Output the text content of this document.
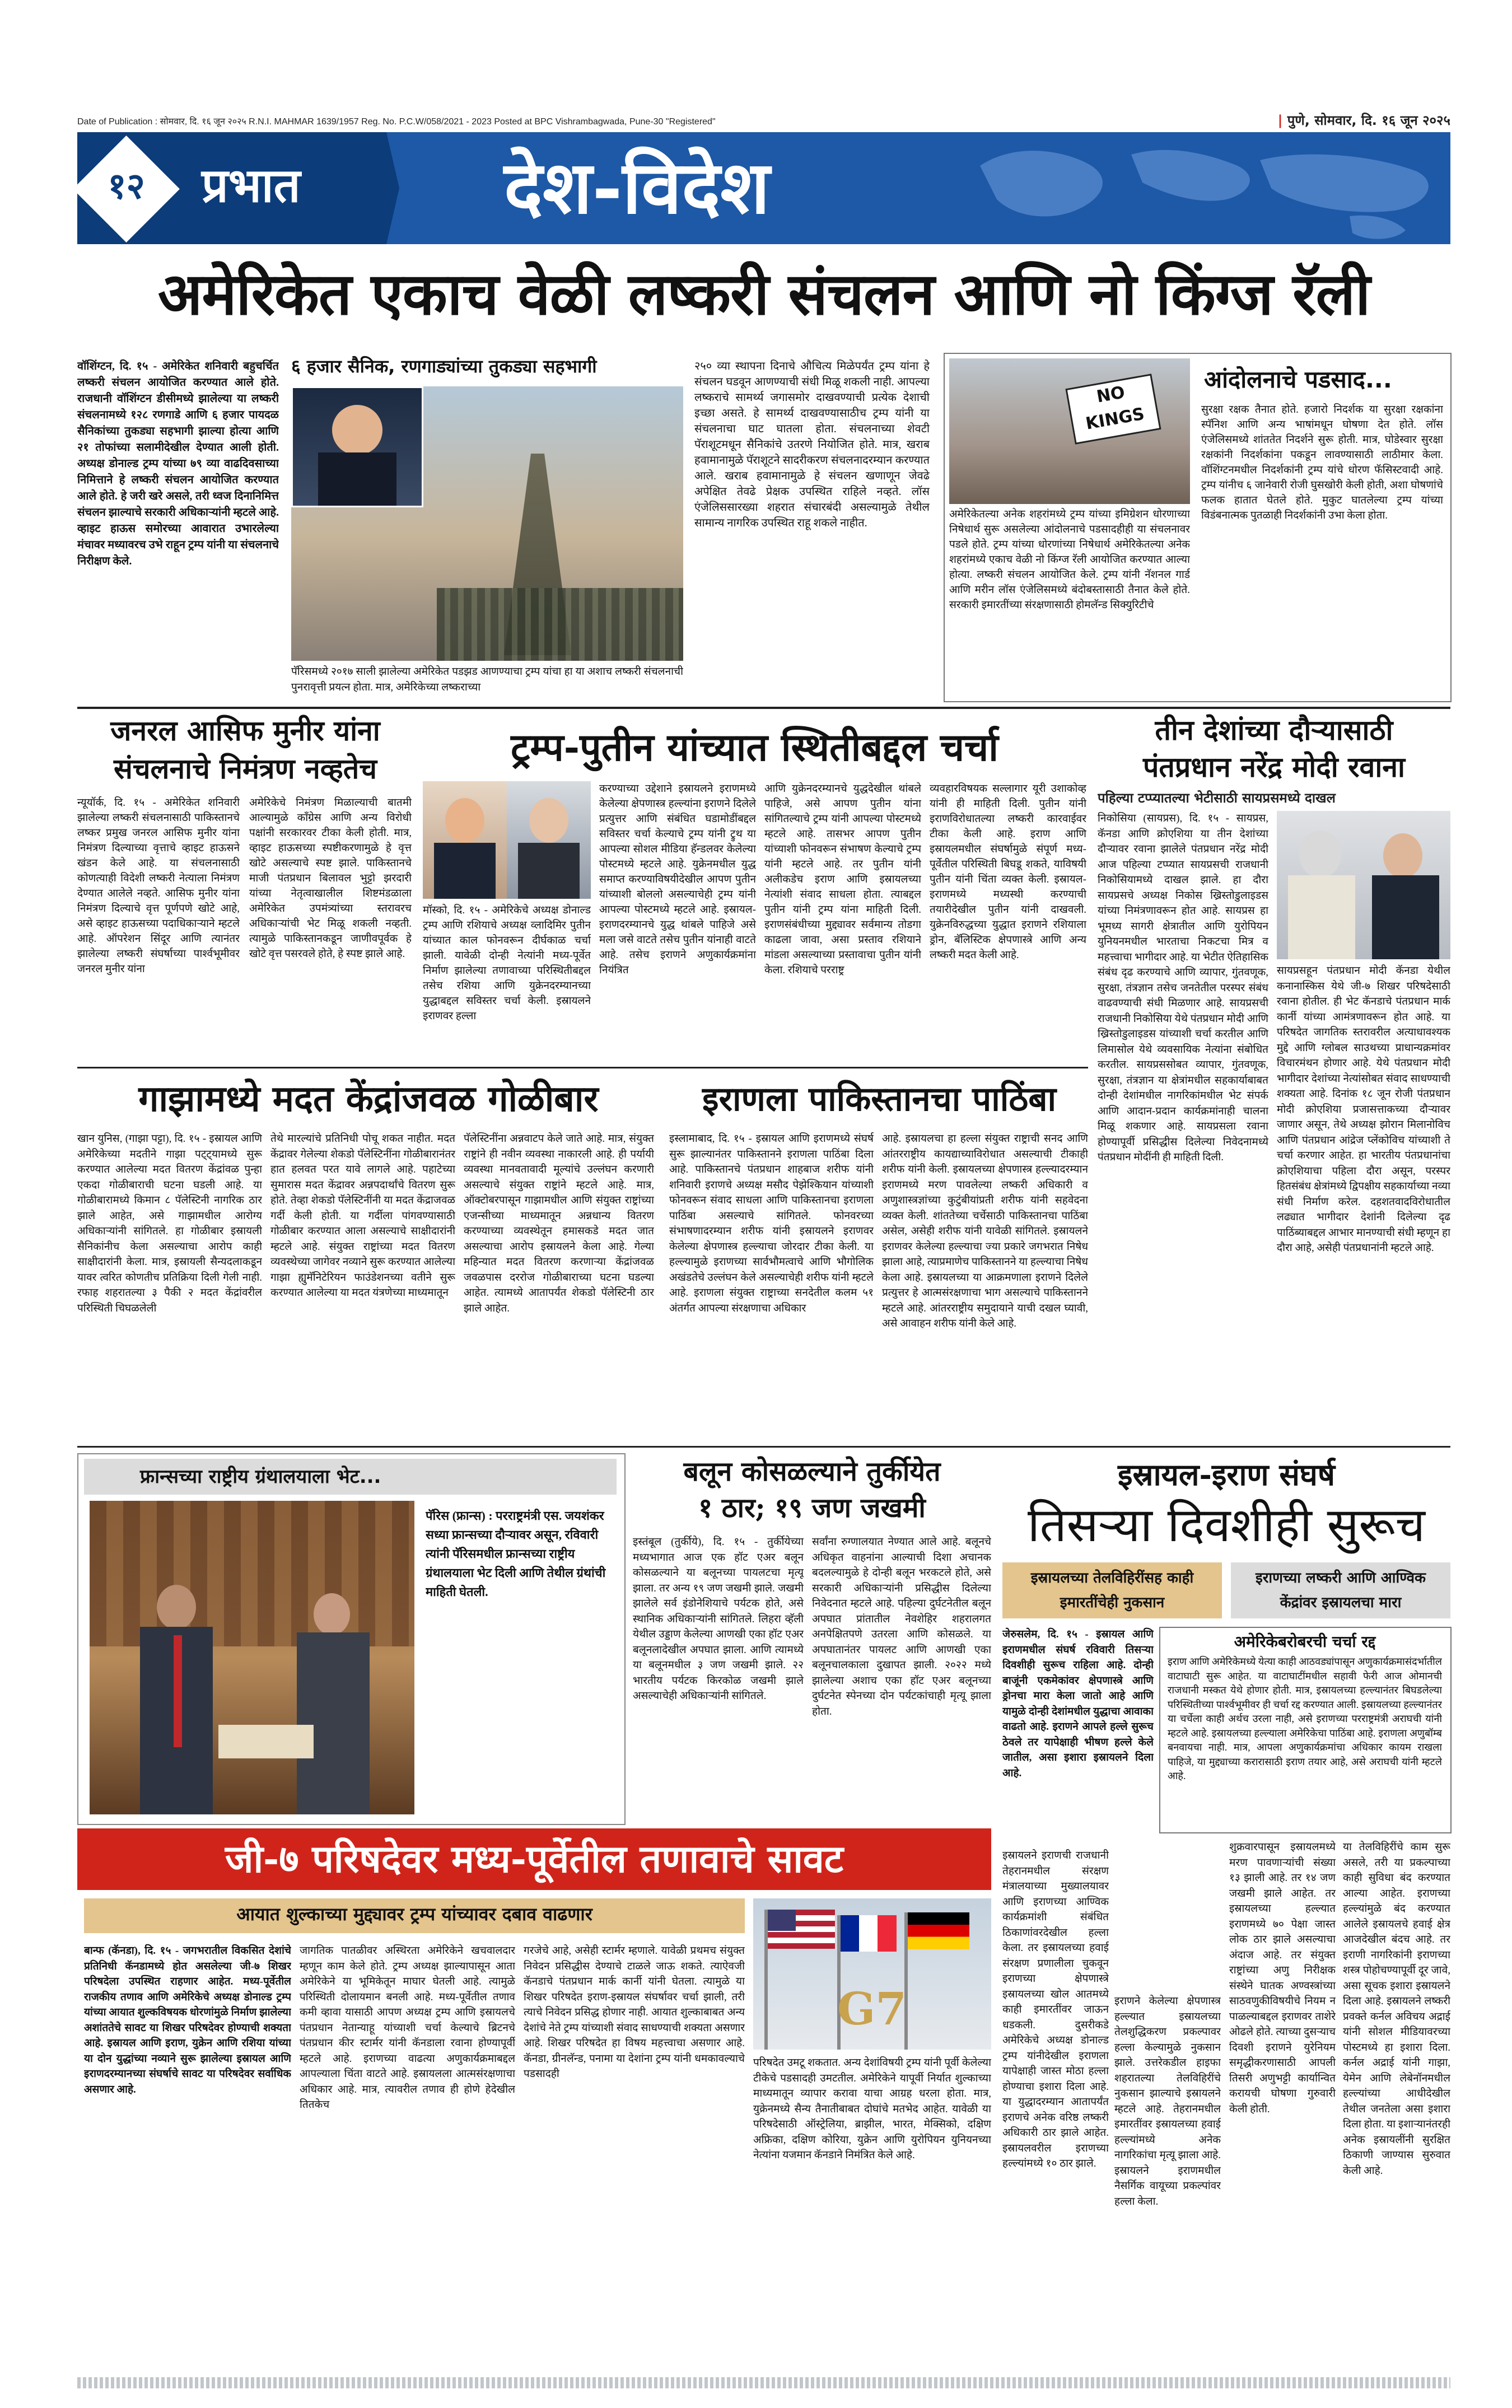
Date of Publication : सोमवार, दि. १६ जून २०२५ R.N.I. MAHMAR 1639/1957 Reg. No. P.C.W/058/2021 - 2023 Posted at BPC Vishrambagwada, Pune-30 "Registered"	| पुणे, सोमवार, दि. १६ जून २०२५
१२	प्रभात	देश-विदेश
अमेरिकेत एकाच वेळी लष्करी संचलन आणि नो किंग्ज रॅली
वॉशिंग्टन, दि. १५ - अमेरिकेत शनिवारी बहुचर्चित लष्करी संचलन आयोजित करण्यात आले होते. राजधानी वॉशिंग्टन डीसीमध्ये झालेल्या या लष्करी संचलनामध्ये १२८ रणगाडे आणि ६ हजार पायदळ सैनिकांच्या तुकड्या सहभागी झाल्या होत्या आणि २१ तोफांच्या सलामीदेखील देण्यात आली होती. अध्यक्ष डोनाल्ड ट्रम्प यांच्या ७९ व्या वाढदिवसाच्या निमित्ताने हे लष्करी संचलन आयोजित करण्यात आले होते. हे जरी खरे असले, तरी ध्वज दिनानिमित्त संचलन झाल्याचे सरकारी अधिकाऱ्यांनी म्हटले आहे. व्हाइट हाऊस समोरच्या आवारात उभारलेल्या मंचावर मध्यावरच उभे राहून ट्रम्प यांनी या संचलनाचे निरीक्षण केले.
६ हजार सैनिक, रणगाड्यांच्या तुकड्या सहभागी
पॅरिसमध्ये २०१७ साली झालेल्या अमेरिकेत पडझड आणण्याचा ट्रम्प यांचा हा या अशाच लष्करी संचलनाची पुनरावृत्ती प्रयत्न होता. मात्र, अमेरिकेच्या लष्कराच्या
२५० व्या स्थापना दिनाचे औचित्य मिळेपर्यंत ट्रम्प यांना हे संचलन घडवून आणण्याची संधी मिळू शकली नाही. आपल्या लष्कराचे सामर्थ्य जगासमोर दाखवण्याची प्रत्येक देशाची इच्छा असते. हे सामर्थ्य दाखवण्यासाठीच ट्रम्प यांनी या संचलनाचा घाट घातला होता. संचलनाच्या शेवटी पॅराशूटमधून सैनिकांचे उतरणे नियोजित होते. मात्र, खराब हवामानामुळे पॅराशूटने सादरीकरण संचलनादरम्यान करण्यात आले. खराब हवामानामुळे हे संचलन खणाणून जेवढे अपेक्षित तेवढे प्रेक्षक उपस्थित राहिले नव्हते. लॉस एंजेलिससारख्या शहरात संचारबंदी असल्यामुळे तेथील सामान्य नागरिक उपस्थित राहू शकले नाहीत.
NO KINGS
आंदोलनाचे पडसाद...
अमेरिकेतल्या अनेक शहरांमध्ये ट्रम्प यांच्या इमिग्रेशन धोरणाच्या निषेधार्थ सुरू असलेल्या आंदोलनाचे पडसादहीही या संचलनावर पडले होते. ट्रम्प यांच्या धोरणांच्या निषेधार्थ अमेरिकेतल्या अनेक शहरांमध्ये एकाच वेळी नो किंग्ज रॅली आयोजित करण्यात आल्या होत्या. लष्करी संचलन आयोजित केले. ट्रम्प यांनी नॅशनल गार्ड आणि मरीन लॉस एंजेलिसमध्ये बंदोबस्तासाठी तैनात केले होते. सरकारी इमारतींच्या संरक्षणासाठी होमलॅन्ड सिक्युरिटीचे
सुरक्षा रक्षक तैनात होते. हजारो निदर्शक या सुरक्षा रक्षकांना स्पॅनिश आणि अन्य भाषांमधून घोषणा देत होते. लॉस एंजेलिसमध्ये शांततेत निदर्शने सुरू होती. मात्र, घोडेस्वार सुरक्षा रक्षकांनी निदर्शकांना पकडून लावण्यासाठी लाठीमार केला. वॉशिंग्टनमधील निदर्शकांनी ट्रम्प यांचे धोरण फॅसिस्टवादी आहे. ट्रम्प यांनीच ६ जानेवारी रोजी घुसखोरी केली होती, अशा घोषणांचे फलक हातात घेतले होते. मुकुट घातलेल्या ट्रम्प यांच्या विडंबनात्मक पुतळाही निदर्शकांनी उभा केला होता.
जनरल आसिफ मुनीर यांना
संचलनाचे निमंत्रण नव्हतेच
न्यूयॉर्क, दि. १५ - अमेरिकेत शनिवारी झालेल्या लष्करी संचलनासाठी पाकिस्तानचे लष्कर प्रमुख जनरल आसिफ मुनीर यांना निमंत्रण दिल्याच्या वृत्ताचे व्हाइट हाऊसने खंडन केले आहे. या संचलनासाठी कोणत्याही विदेशी लष्करी नेत्याला निमंत्रण देण्यात आलेले नव्हते. आसिफ मुनीर यांना निमंत्रण दिल्याचे वृत्त पूर्णपणे खोटे आहे, असे व्हाइट हाऊसच्या पदाधिकाऱ्याने म्हटले आहे. ऑपरेशन सिंदूर आणि त्यानंतर झालेल्या लष्करी संघर्षाच्या पार्श्वभूमीवर जनरल मुनीर यांना
अमेरिकेचे निमंत्रण मिळाल्याची बातमी आल्यामुळे काँग्रेस आणि अन्य विरोधी पक्षांनी सरकारवर टीका केली होती. मात्र, व्हाइट हाऊसच्या स्पष्टीकरणामुळे हे वृत्त खोटे असल्याचे स्पष्ट झाले. पाकिस्तानचे माजी पंतप्रधान बिलावल भुट्टो झरदारी यांच्या नेतृत्वाखालील शिष्टमंडळाला अमेरिकेत उपमंत्र्यांच्या स्तरावरच अधिकाऱ्यांची भेट मिळू शकली नव्हती. त्यामुळे पाकिस्तानकडून जाणीवपूर्वक हे खोटे वृत्त पसरवले होते, हे स्पष्ट झाले आहे.
ट्रम्प-पुतीन यांच्यात स्थितीबद्दल चर्चा
मॉस्को, दि. १५ - अमेरिकेचे अध्यक्ष डोनाल्ड ट्रम्प आणि रशियाचे अध्यक्ष व्लादिमिर पुतीन यांच्यात काल फोनवरून दीर्घकाळ चर्चा झाली. यावेळी दोन्ही नेत्यांनी मध्य-पूर्वेत निर्माण झालेल्या तणावाच्या परिस्थितीबद्दल तसेच रशिया आणि युक्रेनदरम्यानच्या युद्धाबद्दल सविस्तर चर्चा केली. इस्रायलने इराणवर हल्ला
करण्याच्या उद्देशाने इस्रायलने इराणमध्ये केलेल्या क्षेपणास्त्र हल्ल्यांना इराणने दिलेले प्रत्युत्तर आणि संबंधित घडामोडींबद्दल सविस्तर चर्चा केल्याचे ट्रम्प यांनी ट्रुथ या आपल्या सोशल मीडिया हॅन्डलवर केलेल्या पोस्टमध्ये म्हटले आहे. युक्रेनमधील युद्ध समाप्त करण्याविषयीदेखील आपण पुतीन यांच्याशी बोललो असल्याचेही ट्रम्प यांनी आपल्या पोस्टमध्ये म्हटले आहे. इस्रायल-इराणदरम्यानचे युद्ध थांबले पाहिजे असे मला जसे वाटते तसेच पुतीन यांनाही वाटते आहे. तसेच इराणने अणुकार्यक्रमांना नियंत्रित
आणि युक्रेनदरम्यानचे युद्धदेखील थांबले पाहिजे, असे आपण पुतीन यांना सांगितल्याचे ट्रम्प यांनी आपल्या पोस्टमध्ये म्हटले आहे. तासभर आपण पुतीन यांच्याशी फोनवरून संभाषण केल्याचे ट्रम्प यांनी म्हटले आहे. तर पुतीन यांनी अलीकडेच इराण आणि इस्रायलच्या नेत्यांशी संवाद साधला होता. त्याबद्दल पुतीन यांनी ट्रम्प यांना माहिती दिली. इराणसंबंधीच्या मुद्द्यावर सर्वमान्य तोडगा काढला जावा, असा प्रस्ताव रशियाने मांडला असल्याच्या प्रस्तावाचा पुतीन यांनी केला. रशियाचे परराष्ट्र
व्यवहारविषयक सल्लागार यूरी उशाकोव्ह यांनी ही माहिती दिली. पुतीन यांनी इराणविरोधातल्या लष्करी कारवाईवर टीका केली आहे. इराण आणि इस्रायलमधील संघर्षामुळे संपूर्ण मध्य-पूर्वेतील परिस्थिती बिघडू शकते, याविषयी पुतीन यांनी चिंता व्यक्त केली. इस्रायल-इराणमध्ये मध्यस्थी करण्याची तयारीदेखील पुतीन यांनी दाखवली. युक्रेनविरुद्धच्या युद्धात इराणने रशियाला ड्रोन, बॅलिस्टिक क्षेपणास्त्रे आणि अन्य लष्करी मदत केली आहे.
तीन देशांच्या दौऱ्यासाठी
पंतप्रधान नरेंद्र मोदी रवाना
पहिल्या टप्प्यातल्या भेटीसाठी सायप्रसमध्ये दाखल
निकोसिया (सायप्रस), दि. १५ - सायप्रस, कॅनडा आणि क्रोएशिया या तीन देशांच्या दौऱ्यावर रवाना झालेले पंतप्रधान नरेंद्र मोदी आज पहिल्या टप्प्यात सायप्रसची राजधानी निकोसियामध्ये दाखल झाले. हा दौरा सायप्रसचे अध्यक्ष निकोस ख्रिस्तोडुलाइडस यांच्या निमंत्रणावरून होत आहे. सायप्रस हा भूमध्य सागरी क्षेत्रातील आणि युरोपियन युनियनमधील भारताचा निकटचा मित्र व महत्त्वाचा भागीदार आहे. या भेटीत ऐतिहासिक संबंध दृढ करण्याचे आणि व्यापार, गुंतवणूक, सुरक्षा, तंत्रज्ञान तसेच जनतेतील परस्पर संबंध वाढवण्याची संधी मिळणार आहे. सायप्रसची राजधानी निकोसिया येथे पंतप्रधान मोदी आणि ख्रिस्तोडुलाइडस यांच्याशी चर्चा करतील आणि लिमासोल येथे व्यवसायिक नेत्यांना संबोधित करतील. सायप्रससोबत व्यापार, गुंतवणूक, सुरक्षा, तंत्रज्ञान या क्षेत्रांमधील सहकार्याबाबत दोन्ही देशांमधील नागरिकांमधील भेट संपर्क आणि आदान-प्रदान कार्यक्रमांनाही चालना मिळू शकणार आहे. सायप्रसला रवाना होण्यापूर्वी प्रसिद्धीस दिलेल्या निवेदनामध्ये पंतप्रधान मोदींनी ही माहिती दिली.
सायप्रसहून पंतप्रधान मोदी कॅनडा येथील कनानास्किस येथे जी-७ शिखर परिषदेसाठी रवाना होतील. ही भेट कॅनडाचे पंतप्रधान मार्क कार्नी यांच्या आमंत्रणावरून होत आहे. या परिषदेत जागतिक स्तरावरील अत्याधावश्यक मुद्दे आणि ग्लोबल साउथच्या प्राधान्यक्रमांवर विचारमंथन होणार आहे. येथे पंतप्रधान मोदी भागीदार देशांच्या नेत्यांसोबत संवाद साधण्याची शक्यता आहे. दिनांक १८ जून रोजी पंतप्रधान मोदी क्रोएशिया प्रजासत्ताकच्या दौऱ्यावर जाणार असून, तेथे अध्यक्ष झोरान मिलानोविच आणि पंतप्रधान आंद्रेज प्लेंकोविच यांच्याशी ते चर्चा करणार आहेत. हा भारतीय पंतप्रधानांचा क्रोएशियाचा पहिला दौरा असून, परस्पर हितसंबंध क्षेत्रांमध्ये द्विपक्षीय सहकार्याच्या नव्या संधी निर्माण करेल. दहशतवादविरोधातील लढ्यात भागीदार देशांनी दिलेल्या दृढ पाठिंब्याबद्दल आभार मानण्याची संधी म्हणून हा दौरा आहे, असेही पंतप्रधानांनी म्हटले आहे.
गाझामध्ये मदत केंद्रांजवळ गोळीबार
खान युनिस, (गाझा पट्टा), दि. १५ - इस्रायल आणि अमेरिकेच्या मदतीने गाझा पट्ट्यामध्ये सुरू करण्यात आलेल्या मदत वितरण केंद्रांवळ पुन्हा एकदा गोळीबाराची घटना घडली आहे. या गोळीबारामध्ये किमान ८ पॅलेस्टिनी नागरिक ठार झाले आहेत, असे गाझामधील आरोग्य अधिकाऱ्यांनी सांगितले. हा गोळीबार इस्रायली सैनिकांनीच केला असल्याचा आरोप काही साक्षीदारांनी केला. मात्र, इस्रायली सैन्यदलाकडून यावर त्वरित कोणतीच प्रतिक्रिया दिली गेली नाही. रफाह शहरातल्या ३ पैकी २ मदत केंद्रांवरील परिस्थिती चिघळलेली
तेथे मारल्यांचे प्रतिनिधी पोचू शकत नाहीत. मदत केंद्रावर गेलेल्या शेकडो पॅलेस्टिनींना गोळीबारानंतर हात हलवत परत यावे लागले आहे. पहाटेच्या सुमारास मदत केंद्रावर अन्नपदार्थांचे वितरण सुरू होते. तेव्हा शेकडो पॅलेस्टिनींनी या मदत केंद्राजवळ गर्दी केली होती. या गर्दीला पांगवण्यासाठी गोळीबार करण्यात आला असल्याचे साक्षीदारांनी म्हटले आहे. संयुक्त राष्ट्रांच्या मदत वितरण व्यवस्थेच्या जागेवर नव्याने सुरू करण्यात आलेल्या गाझा ह्युमॅनिटेरियन फाउंडेशनच्या वतीने सुरू करण्यात आलेल्या या मदत यंत्रणेच्या माध्यमातून
पॅलेस्टिनींना अन्नवाटप केले जाते आहे. मात्र, संयुक्त राष्ट्रांने ही नवीन व्यवस्था नाकारली आहे. ही पर्यायी व्यवस्था मानवतावादी मूल्यांचे उल्लंघन करणारी असल्याचे संयुक्त राष्ट्रांने म्हटले आहे. मात्र, ऑक्टोबरपासून गाझामधील आणि संयुक्त राष्ट्रांच्या एजन्सीच्या माध्यमातून अन्नधान्य वितरण करण्याच्या व्यवस्थेतून हमासकडे मदत जात असल्याचा आरोप इस्रायलने केला आहे. गेल्या महिन्यात मदत वितरण करणाऱ्या केंद्रांजवळ जवळपास दररोज गोळीबाराच्या घटना घडल्या आहेत. त्यामध्ये आतापर्यंत शेकडो पॅलेस्टिनी ठार झाले आहेत.
इराणला पाकिस्तानचा पाठिंबा
इस्लामाबाद, दि. १५ - इस्रायल आणि इराणमध्ये संघर्ष सुरू झाल्यानंतर पाकिस्तानने इराणला पाठिंबा दिला आहे. पाकिस्तानचे पंतप्रधान शाहबाज शरीफ यांनी शनिवारी इराणचे अध्यक्ष मसौद पेझेश्कियान यांच्याशी फोनवरून संवाद साधला आणि पाकिस्तानचा इराणला पाठिंबा असल्याचे सांगितले. फोनवरच्या संभाषणादरम्यान शरीफ यांनी इस्रायलने इराणवर केलेल्या क्षेपणास्त्र हल्ल्याचा जोरदार टीका केली. या हल्ल्यामुळे इराणच्या सार्वभौमत्वाचे आणि भौगोलिक अखंडतेचे उल्लंघन केले असल्याचेही शरीफ यांनी म्हटले आहे. इराणला संयुक्त राष्ट्राच्या सनदेतील कलम ५१ अंतर्गत आपल्या संरक्षणाचा अधिकार
आहे. इस्रायलचा हा हल्ला संयुक्त राष्ट्राची सनद आणि आंतरराष्ट्रीय कायद्याच्याविरोधात असल्याची टीकाही शरीफ यांनी केली. इस्रायलच्या क्षेपणास्त्र हल्ल्यादरम्यान इराणमध्ये मरण पावलेल्या लष्करी अधिकारी व अणुशास्त्रज्ञांच्या कुटुंबीयांप्रती शरीफ यांनी सहवेदना व्यक्त केली. शांततेच्या चर्चेसाठी पाकिस्तानचा पाठिंबा असेल, असेही शरीफ यांनी यावेळी सांगितले. इस्रायलने इराणवर केलेल्या हल्ल्याचा ज्या प्रकारे जगभरात निषेध झाला आहे, त्याप्रमाणेच पाकिस्तानने या हल्ल्याचा निषेध केला आहे. इस्रायलच्या या आक्रमणाला इराणने दिलेले प्रत्युत्तर हे आत्मसंरक्षणाचा भाग असल्याचे पाकिस्तानने म्हटले आहे. आंतरराष्ट्रीय समुदायाने याची दखल घ्यावी, असे आवाहन शरीफ यांनी केले आहे.
फ्रान्सच्या राष्ट्रीय ग्रंथालयाला भेट...
पॅरिस (फ्रान्स) : परराष्ट्रमंत्री एस. जयशंकर सध्या फ्रान्सच्या दौऱ्यावर असून, रविवारी त्यांनी पॅरिसमधील फ्रान्सच्या राष्ट्रीय ग्रंथालयाला भेट दिली आणि तेथील ग्रंथांची माहिती घेतली.
बलून कोसळल्याने तुर्कीयेत
१ ठार; १९ जण जखमी
इस्तंबूल (तुर्कीये), दि. १५ - तुर्कीयेच्या मध्यभागात आज एक हॉट एअर बलून कोसळल्याने या बलूनच्या पायलटचा मृत्यू झाला. तर अन्य १९ जण जखमी झाले. जखमी झालेले सर्व इंडोनेशियाचे पर्यटक होते, असे स्थानिक अधिकाऱ्यांनी सांगितले. लिहरा व्हॅली येथील उड्डाण केलेल्या आणखी एका हॉट एअर बलूनलादेखील अपघात झाला. आणि त्यामध्ये या बलूनमधील ३ जण जखमी झाले. २२ भारतीय पर्यटक किरकोळ जखमी झाले असल्याचेही अधिकाऱ्यांनी सांगितले.
सर्वांना रुग्णालयात नेण्यात आले आहे. बलूनचे अधिकृत वाहनांना आल्याची दिशा अचानक बदलल्यामुळे हे दोन्ही बलून भरकटले होते, असे सरकारी अधिकाऱ्यांनी प्रसिद्धीस दिलेल्या निवेदनात म्हटले आहे. पहिल्या दुर्घटनेतील बलून अपघात प्रांतातील नेवशेहिर शहरालगत अनपेक्षितपणे उतरला आणि कोसळले. या अपघातानंतर पायलट आणि आणखी एका बलूनचालकाला दुखापत झाली. २०२२ मध्ये झालेल्या अशाच एका हॉट एअर बलूनच्या दुर्घटनेत स्पेनच्या दोन पर्यटकांचाही मृत्यू झाला होता.
इस्रायल-इराण संघर्ष
तिसऱ्या दिवशीही सुरूच
इस्रायलच्या तेलविहिरींसह काही इमारतींचेही नुकसान
इराणच्या लष्करी आणि आण्विक केंद्रांवर इस्रायलचा मारा
जेरुसलेम, दि. १५ - इस्रायल आणि इराणमधील संघर्ष रविवारी तिसऱ्या दिवशीही सुरूच राहिला आहे. दोन्ही बाजूंनी एकमेकांवर क्षेपणास्त्रे आणि ड्रोनचा मारा केला जातो आहे आणि यामुळे दोन्ही देशांमधील युद्धाचा आवाका वाढतो आहे. इराणने आपले हल्ले सुरूच ठेवले तर यापेक्षाही भीषण हल्ले केले जातील, असा इशारा इस्रायलने दिला आहे.
अमेरिकेबरोबरची चर्चा रद्द
इराण आणि अमेरिकेमध्ये येत्या काही आठवड्यांपासून अणुकार्यक्रमासंदर्भातील वाटाघाटी सुरू आहेत. या वाटाघाटींमधील सहावी फेरी आज ओमानची राजधानी मस्कत येथे होणार होती. मात्र, इस्रायलच्या हल्ल्यानंतर बिघडलेल्या परिस्थितीच्या पार्श्वभूमीवर ही चर्चा रद्द करण्यात आली. इस्रायलच्या हल्ल्यानंतर या चर्चेला काही अर्थच उरला नाही, असे इराणच्या परराष्ट्रमंत्री अराघची यांनी म्हटले आहे. इस्रायलच्या हल्ल्याला अमेरिकेचा पाठिंबा आहे. इराणला अणुबॉम्ब बनवायचा नाही. मात्र, आपला अणुकार्यक्रमांचा अधिकार कायम राखला पाहिजे, या मुद्द्याच्या करारासाठी इराण तयार आहे, असे अराघची यांनी म्हटले आहे.
जी-७ परिषदेवर मध्य-पूर्वेतील तणावाचे सावट
आयात शुल्काच्या मुद्द्यावर ट्रम्प यांच्यावर दबाव वाढणार
G7
बान्फ (कॅनडा), दि. १५ - जगभरातील विकसित देशांचे प्रतिनिधी कॅनडामध्ये होत असलेल्या जी-७ शिखर परिषदेला उपस्थित राहणार आहेत. मध्य-पूर्वेतील राजकीय तणाव आणि अमेरिकेचे अध्यक्ष डोनाल्ड ट्रम्प यांच्या आयात शुल्कविषयक धोरणांमुळे निर्माण झालेल्या अशांततेचे सावट या शिखर परिषदेवर होण्याची शक्यता आहे. इस्रायल आणि इराण, युक्रेन आणि रशिया यांच्या या दोन युद्धांच्या नव्याने सुरू झालेल्या इस्रायल आणि इराणदरम्यानच्या संघर्षाचे सावट या परिषदेवर सर्वाधिक असणार आहे.
जागतिक पातळीवर अस्थिरता अमेरिकेने खचवालदार म्हणून काम केले होते. ट्रम्प अध्यक्ष झाल्यापासून आता अमेरिकेने या भूमिकेतून माघार घेतली आहे. त्यामुळे परिस्थिती दोलायमान बनली आहे. मध्य-पूर्वेतील तणाव कमी व्हावा यासाठी आपण अध्यक्ष ट्रम्प आणि इस्रायलचे पंतप्रधान नेतान्याहू यांच्याशी चर्चा केल्याचे ब्रिटनचे पंतप्रधान कीर स्टार्मर यांनी कॅनडाला रवाना होण्यापूर्वी म्हटले आहे. इराणच्या वाढत्या अणुकार्यक्रमाबद्दल आपल्याला चिंता वाटते आहे. इस्रायलला आत्मसंरक्षणाचा अधिकार आहे. मात्र, त्यावरील तणाव ही होणे हेदेखील तितकेच
गरजेचे आहे, असेही स्टार्मर म्हणाले. यावेळी प्रथमच संयुक्त निवेदन प्रसिद्धीस देण्याचे टाळले जाऊ शकते. त्याऐवजी कॅनडाचे पंतप्रधान मार्क कार्नी यांनी घेतला. त्यामुळे या शिखर परिषदेत इराण-इस्रायल संघर्षावर चर्चा झाली, तरी त्याचे निवेदन प्रसिद्ध होणार नाही. आयात शुल्काबाबत अन्य देशांचे नेते ट्रम्प यांच्याशी संवाद साधण्याची शक्यता असणार आहे. शिखर परिषदेत हा विषय महत्त्वाचा असणार आहे. कॅनडा, ग्रीनलॅन्ड, पनामा या देशांना ट्रम्प यांनी धमकावल्याचे पडसादही
परिषदेत उमटू शकतात. अन्य देशांविषयी ट्रम्प यांनी पूर्वी केलेल्या टीकेचे पडसादही उमटतील. अमेरिकेने यापूर्वी निर्यात शुल्काच्या माध्यमातून व्यापार करावा याचा आग्रह धरला होता. मात्र, युक्रेनमध्ये सैन्य तैनातीबाबत दोघांचे मतभेद आहेत. यावेळी या परिषदेसाठी ऑस्ट्रेलिया, ब्राझील, भारत, मेक्सिको, दक्षिण अफ्रिका, दक्षिण कोरिया, युक्रेन आणि युरोपियन युनियनच्या नेत्यांना यजमान कॅनडाने निमंत्रित केले आहे.
इस्रायलने इराणची राजधानी तेहरानमधील संरक्षण मंत्रालयाच्या मुख्यालयावर आणि इराणच्या आण्विक कार्यक्रमांशी संबंधित ठिकाणांवरदेखील हल्ला केला. तर इस्रायलच्या हवाई संरक्षण प्रणालीला चुकवून इराणच्या क्षेपणास्त्रे इस्रायलच्या खोल आतमध्ये काही इमारतींवर जाऊन धडकली. दुसरीकडे अमेरिकेचे अध्यक्ष डोनाल्ड ट्रम्प यांनीदेखील इराणला यापेक्षाही जास्त मोठा हल्ला होण्याचा इशारा दिला आहे. या युद्धादरम्यान आतापर्यंत इराणचे अनेक वरिष्ठ लष्करी अधिकारी ठार झाले आहेत. इस्रायलवरील इराणच्या हल्ल्यांमध्ये १० ठार झाले.
इराणने केलेल्या क्षेपणास्त्र हल्ल्यात इस्रायलच्या तेलशुद्धिकरण प्रकल्पावर हल्ला केल्यामुळे नुकसान झाले. उत्तरेकडील हाइफा शहरातल्या तेलविहिरींचे नुकसान झाल्याचे इस्रायलने म्हटले आहे. तेहरानमधील इमारतींवर इस्रायलच्या हवाई हल्ल्यांमध्ये अनेक नागरिकांचा मृत्यू झाला आहे. इस्रायलने इराणमधील नैसर्गिक वायूच्या प्रकल्पांवर हल्ला केला.
शुक्रवारपासून इस्रायलमध्ये मरण पावणाऱ्यांची संख्या १३ झाली आहे. तर १४ जण जखमी झाले आहेत. तर इस्रायलच्या हल्ल्यात इराणमध्ये ७० पेक्षा जास्त लोक ठार झाले असल्याचा अंदाज आहे. तर संयुक्त राष्ट्रांच्या अणु निरीक्षक संस्थेने घातक अण्वस्त्रांच्या साठवणुकीविषयीचे नियम न पाळल्याबद्दल इराणवर ताशेरे ओढले होते. त्याच्या दुसऱ्याच दिवशी इराणने युरेनियम समृद्धीकरणासाठी आपली तिसरी अणुभट्टी कार्यान्वित करायची घोषणा गुरुवारी केली होती.
या तेलविहिरींचे काम सुरू असले, तरी या प्रकल्पाच्या काही सुविधा बंद करण्यात आल्या आहेत. इराणच्या हल्ल्यांमुळे बंद करण्यात आलेले इस्रायलचे हवाई क्षेत्र आजदेखील बंदच आहे. तर इराणी नागरिकांनी इराणच्या शस्त्र पोहोचण्यापूर्वी दूर जावे, असा सूचक इशारा इस्रायलने दिला आहे. इस्रायलने लष्करी प्रवक्ते कर्नल अविचय अद्राई यांनी सोशल मीडियावरच्या पोस्टमध्ये हा इशारा दिला. कर्नल अद्राई यांनी गाझा, येमेन आणि लेबेनॉनमधील हल्ल्यांच्या आधीदेखील तेथील जनतेला असा इशारा दिला होता. या इशाऱ्यानंतरही अनेक इस्रायलींनी सुरक्षित ठिकाणी जाण्यास सुरुवात केली आहे.
